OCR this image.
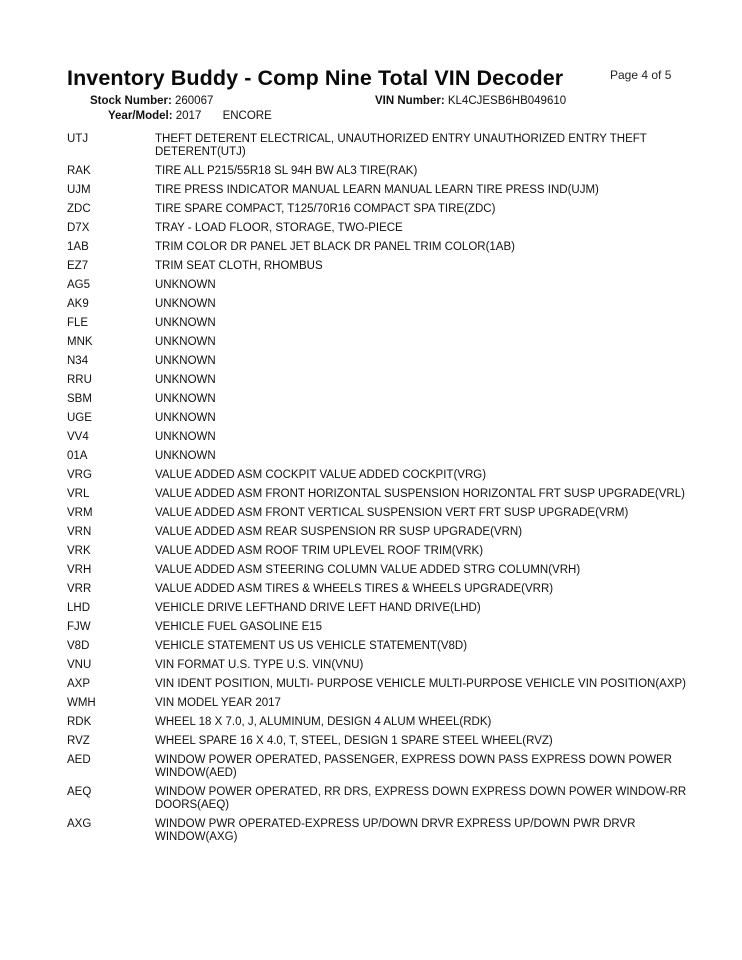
Inventory Buddy - Comp Nine Total VIN Decoder	Page 4 of 5
Stock Number: 260067	VIN Number: KL4CJESB6HB049610
Year/Model: 2017 ENCORE
UTJ	THEFT DETERENT ELECTRICAL, UNAUTHORIZED ENTRY UNAUTHORIZED ENTRY THEFT DETERENT(UTJ)
RAK	TIRE ALL P215/55R18 SL 94H BW AL3 TIRE(RAK)
UJM	TIRE PRESS INDICATOR MANUAL LEARN MANUAL LEARN TIRE PRESS IND(UJM)
ZDC	TIRE SPARE COMPACT, T125/70R16 COMPACT SPA TIRE(ZDC)
D7X	TRAY - LOAD FLOOR, STORAGE, TWO-PIECE
1AB	TRIM COLOR DR PANEL JET BLACK DR PANEL TRIM COLOR(1AB)
EZ7	TRIM SEAT CLOTH, RHOMBUS
AG5	UNKNOWN
AK9	UNKNOWN
FLE	UNKNOWN
MNK	UNKNOWN
N34	UNKNOWN
RRU	UNKNOWN
SBM	UNKNOWN
UGE	UNKNOWN
VV4	UNKNOWN
01A	UNKNOWN
VRG	VALUE ADDED ASM COCKPIT VALUE ADDED COCKPIT(VRG)
VRL	VALUE ADDED ASM FRONT HORIZONTAL SUSPENSION HORIZONTAL FRT SUSP UPGRADE(VRL)
VRM	VALUE ADDED ASM FRONT VERTICAL SUSPENSION VERT FRT SUSP UPGRADE(VRM)
VRN	VALUE ADDED ASM REAR SUSPENSION RR SUSP UPGRADE(VRN)
VRK	VALUE ADDED ASM ROOF TRIM UPLEVEL ROOF TRIM(VRK)
VRH	VALUE ADDED ASM STEERING COLUMN VALUE ADDED STRG COLUMN(VRH)
VRR	VALUE ADDED ASM TIRES & WHEELS TIRES & WHEELS UPGRADE(VRR)
LHD	VEHICLE DRIVE LEFTHAND DRIVE LEFT HAND DRIVE(LHD)
FJW	VEHICLE FUEL GASOLINE E15
V8D	VEHICLE STATEMENT US US VEHICLE STATEMENT(V8D)
VNU	VIN FORMAT U.S. TYPE U.S. VIN(VNU)
AXP	VIN IDENT POSITION, MULTI- PURPOSE VEHICLE MULTI-PURPOSE VEHICLE VIN POSITION(AXP)
WMH	VIN MODEL YEAR 2017
RDK	WHEEL 18 X 7.0, J, ALUMINUM, DESIGN 4 ALUM WHEEL(RDK)
RVZ	WHEEL SPARE 16 X 4.0, T, STEEL, DESIGN 1 SPARE STEEL WHEEL(RVZ)
AED	WINDOW POWER OPERATED, PASSENGER, EXPRESS DOWN PASS EXPRESS DOWN POWER WINDOW(AED)
AEQ	WINDOW POWER OPERATED, RR DRS, EXPRESS DOWN EXPRESS DOWN POWER WINDOW-RR DOORS(AEQ)
AXG	WINDOW PWR OPERATED-EXPRESS UP/DOWN DRVR EXPRESS UP/DOWN PWR DRVR WINDOW(AXG)
